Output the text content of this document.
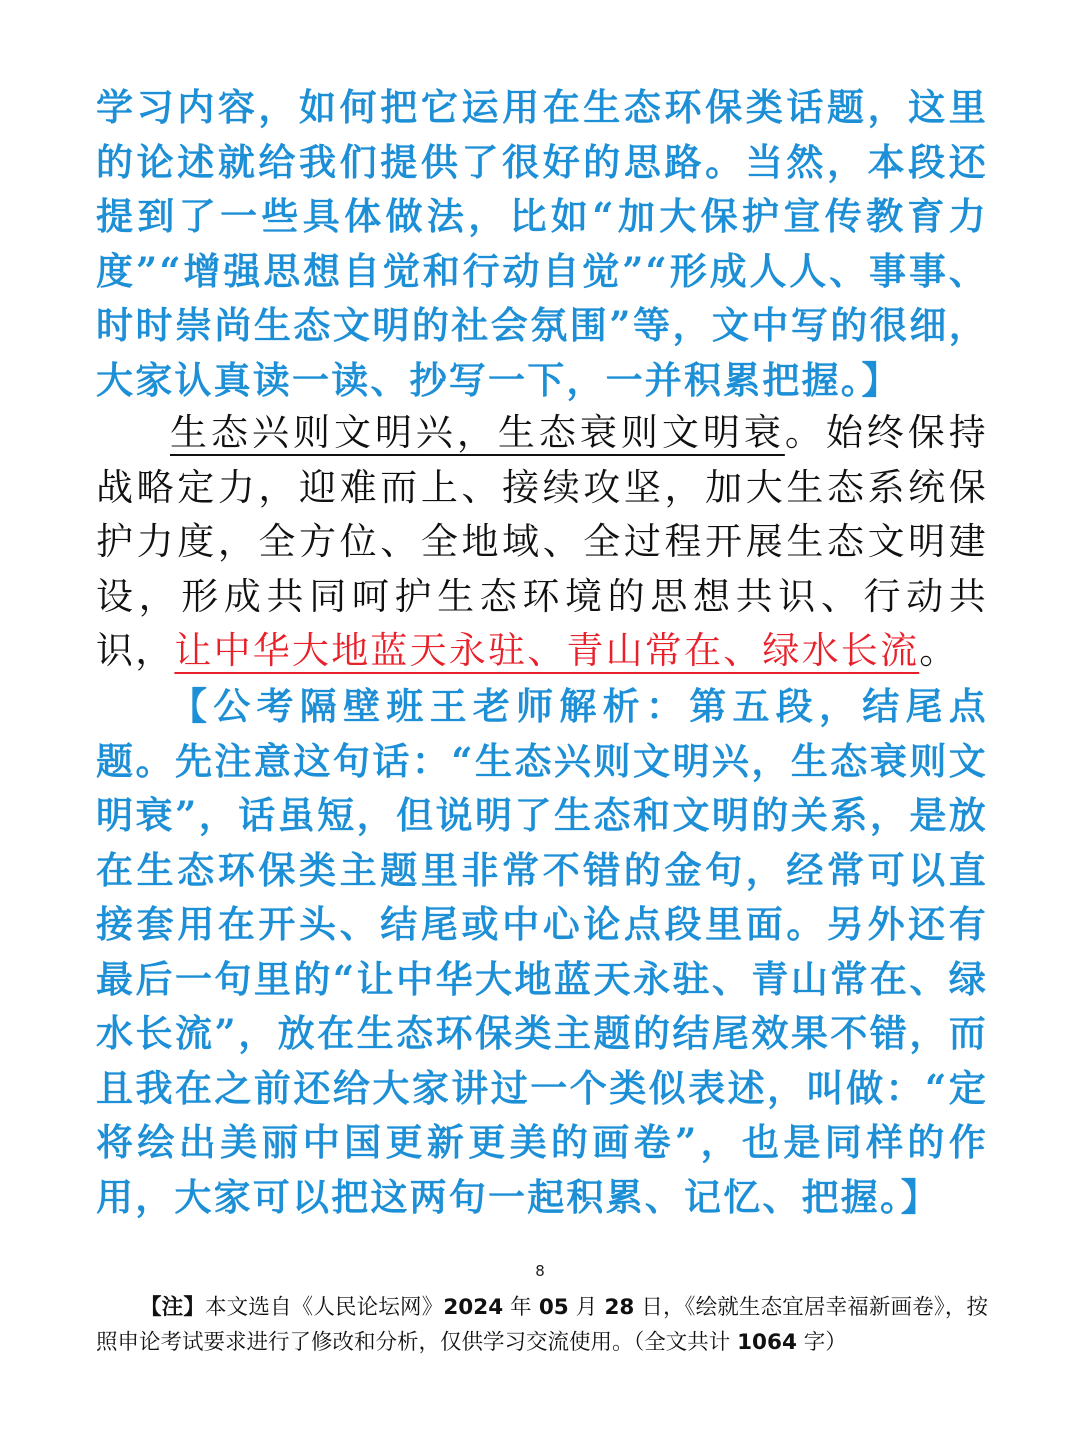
学习内容，如何把它运用在生态环保类话题，这里的论述就给我们提供了很好的思路。当然，本段还提到了一些具体做法，比如“加大保护宣传教育力度”“增强思想自觉和行动自觉”“形成人人、事事、时时崇尚生态文明的社会氛围”等，文中写的很细，大家认真读一读、抄写一下，一并积累把握。】
生态兴则文明兴，生态衰则文明衰。始终保持战略定力，迎难而上、接续攻坚，加大生态系统保护力度，全方位、全地域、全过程开展生态文明建设，形成共同呵护生态环境的思想共识、行动共识，让中华大地蓝天永驻、青山常在、绿水长流。
【公考隔壁班王老师解析：第五段，结尾点题。先注意这句话：“生态兴则文明兴，生态衰则文明衰”，话虽短，但说明了生态和文明的关系，是放在生态环保类主题里非常不错的金句，经常可以直接套用在开头、结尾或中心论点段里面。另外还有最后一句里的“让中华大地蓝天永驻、青山常在、绿水长流”，放在生态环保类主题的结尾效果不错，而且我在之前还给大家讲过一个类似表述，叫做：“定将绘出美丽中国更新更美的画卷”，也是同样的作用，大家可以把这两句一起积累、记忆、把握。】
8
【注】本文选自《人民论坛网》2024 年 05 月 28 日，《绘就生态宜居幸福新画卷》，按照申论考试要求进行了修改和分析，仅供学习交流使用。（全文共计 1064 字）
